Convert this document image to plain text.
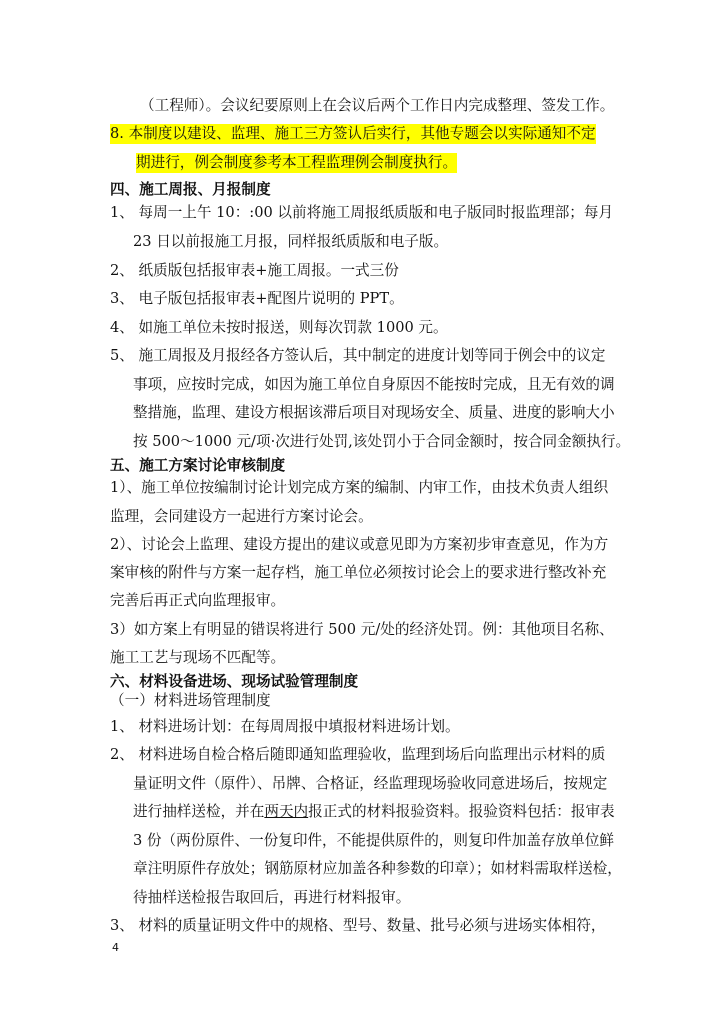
（工程师）。会议纪要原则上在会议后两个工作日内完成整理、签发工作。
8. 本制度以建设、监理、施工三方签认后实行，其他专题会以实际通知不定
期进行，例会制度参考本工程监理例会制度执行。
四、施工周报、月报制度
1、 每周一上午 10：:00 以前将施工周报纸质版和电子版同时报监理部；每月
23 日以前报施工月报，同样报纸质版和电子版。
2、 纸质版包括报审表+施工周报。一式三份
3、 电子版包括报审表+配图片说明的 PPT。
4、 如施工单位未按时报送，则每次罚款 1000 元。
5、 施工周报及月报经各方签认后，其中制定的进度计划等同于例会中的议定
事项，应按时完成，如因为施工单位自身原因不能按时完成，且无有效的调
整措施，监理、建设方根据该滞后项目对现场安全、质量、进度的影响大小
按 500～1000 元/项·次进行处罚,该处罚小于合同金额时，按合同金额执行。
五、施工方案讨论审核制度
1）、施工单位按编制讨论计划完成方案的编制、内审工作，由技术负责人组织
监理，会同建设方一起进行方案讨论会。
2）、讨论会上监理、建设方提出的建议或意见即为方案初步审查意见，作为方
案审核的附件与方案一起存档，施工单位必须按讨论会上的要求进行整改补充
完善后再正式向监理报审。
3）如方案上有明显的错误将进行 500 元/处的经济处罚。例：其他项目名称、
施工工艺与现场不匹配等。
六、材料设备进场、现场试验管理制度
（一）材料进场管理制度
1、 材料进场计划：在每周周报中填报材料进场计划。
2、 材料进场自检合格后随即通知监理验收，监理到场后向监理出示材料的质
量证明文件（原件）、吊牌、合格证，经监理现场验收同意进场后，按规定
进行抽样送检，并在两天内报正式的材料报验资料。报验资料包括：报审表
3 份（两份原件、一份复印件，不能提供原件的，则复印件加盖存放单位鲜
章注明原件存放处；钢筋原材应加盖各种参数的印章）；如材料需取样送检，
待抽样送检报告取回后，再进行材料报审。
3、 材料的质量证明文件中的规格、型号、数量、批号必须与进场实体相符，
4
